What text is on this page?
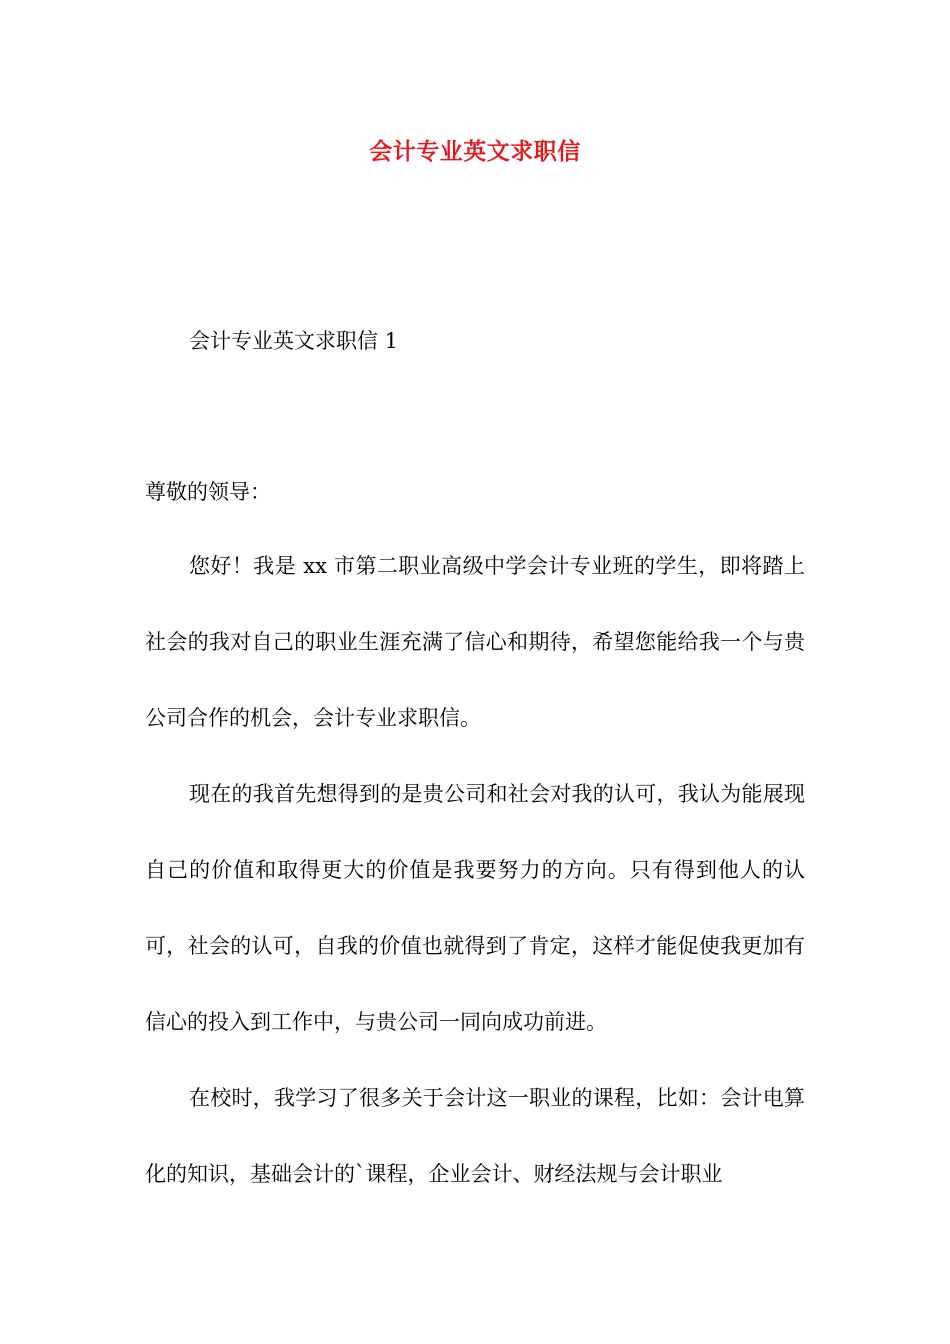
会计专业英文求职信
会计专业英文求职信 1
尊敬的领导：

您好！我是 xx 市第二职业高级中学会计专业班的学生，即将踏上社会的我对自己的职业生涯充满了信心和期待，希望您能给我一个与贵公司合作的机会，会计专业求职信。

现在的我首先想得到的是贵公司和社会对我的认可，我认为能展现自己的价值和取得更大的价值是我要努力的方向。只有得到他人的认可，社会的认可，自我的价值也就得到了肯定，这样才能促使我更加有信心的投入到工作中，与贵公司一同向成功前进。

在校时，我学习了很多关于会计这一职业的课程，比如：会计电算化的知识，基础会计的`课程，企业会计、财经法规与会计职业
